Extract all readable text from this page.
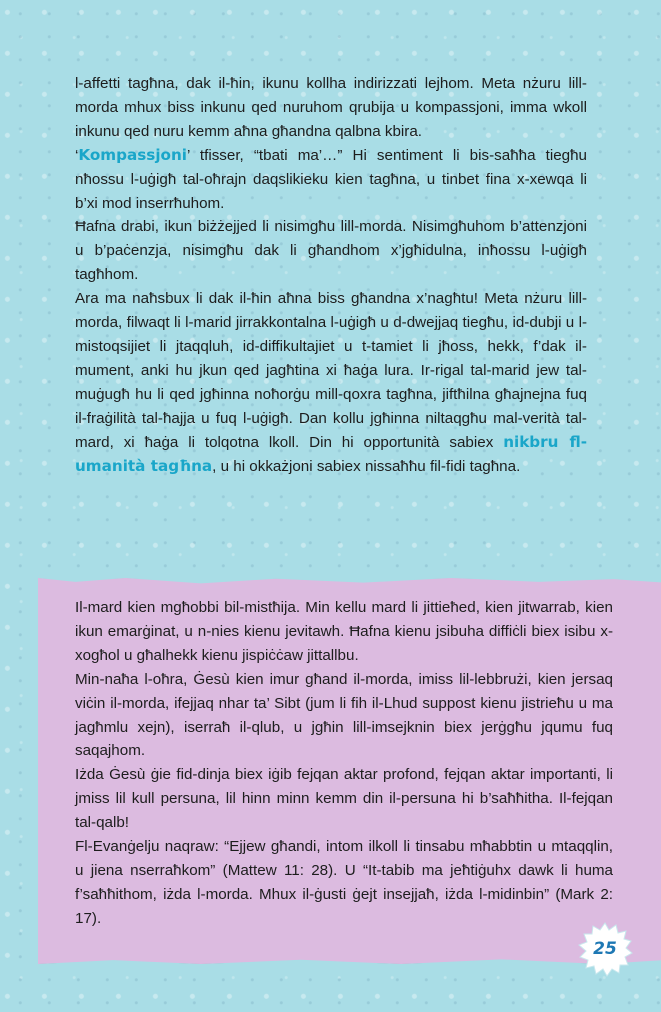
l-affetti tagħna, dak il-ħin, ikunu kollha indirizzati lejhom. Meta nżuru lill-morda mhux biss inkunu qed nuruhom qrubija u kompassjoni, imma wkoll inkunu qed nuru kemm aħna għandna qalbna kbira.

‘Kompassjoni’ tfisser, “tbati ma’…” Hi sentiment li bis-saħħa tiegħu nħossu l-uġigħ tal-oħrajn daqslikieku kien tagħna, u tinbet fina x-xewqa li b’xi mod inserrħuhom.

Ħafna drabi, ikun biżżejjed li nisimgħu lill-morda. Nisimgħuhom b’attenzjoni u b’paċenzja, nisimgħu dak li għandhom x’jgħidulna, inħossu l-uġigħ tagħhom.

Ara ma naħsbux li dak il-ħin aħna biss għandna x’nagħtu! Meta nżuru lill-morda, filwaqt li l-marid jirrakkontalna l-uġigħ u d-dwejjaq tiegħu, id-dubji u l-mistoqsijiet li jtaqqluh, id-diffikultajiet u t-tamiet li jħoss, hekk, f’dak il-mument, anki hu jkun qed jagħtina xi ħaġa lura. Ir-rigal tal-marid jew tal-muġugħ hu li qed jgħinna noħorġu mill-qoxra tagħna, jiftħilna għajnejna fuq il-fraġilità tal-ħajja u fuq l-uġigħ. Dan kollu jgħinna niltaqgħu mal-verità tal-mard, xi ħaġa li tolqotna lkoll. Din hi opportunità sabiex nikbru fl-umanità tagħna, u hi okkażjoni sabiex nissaħħu fil-fidi tagħna.

Il-mard kien mgħobbi bil-mistħija. Min kellu mard li jittieħed, kien jitwarrab, kien ikun emarġinat, u n-nies kienu jevitawh. Ħafna kienu jsibuha diffiċli biex isibu x-xogħol u għalhekk kienu jispiċċaw jittallbu.

Min-naħa l-oħra, Ġesù kien imur għand il-morda, imiss lil-lebbrużi, kien jersaq viċin il-morda, ifejjaq nhar ta’ Sibt (jum li fih il-Lhud suppost kienu jistrieħu u ma jagħmlu xejn), iserraħ il-qlub, u jgħin lill-imsejknin biex jerġgħu jqumu fuq saqajhom.

Iżda Ġesù ġie fid-dinja biex iġib fejqan aktar profond, fejqan aktar importanti, li jmiss lil kull persuna, lil hinn minn kemm din il-persuna hi b’saħħitha. Il-fejqan tal-qalb!

Fl-Evanġelju naqraw: “Ejjew għandi, intom ilkoll li tinsabu mħabbtin u mtaqqlin, u jiena nserraħkom” (Mattew 11: 28). U “It-tabib ma jeħtiġuhx dawk li huma f’saħħithom, iżda l-morda. Mhux il-ġusti ġejt insejjaħ, iżda l-midinbin” (Mark 2: 17).

25
